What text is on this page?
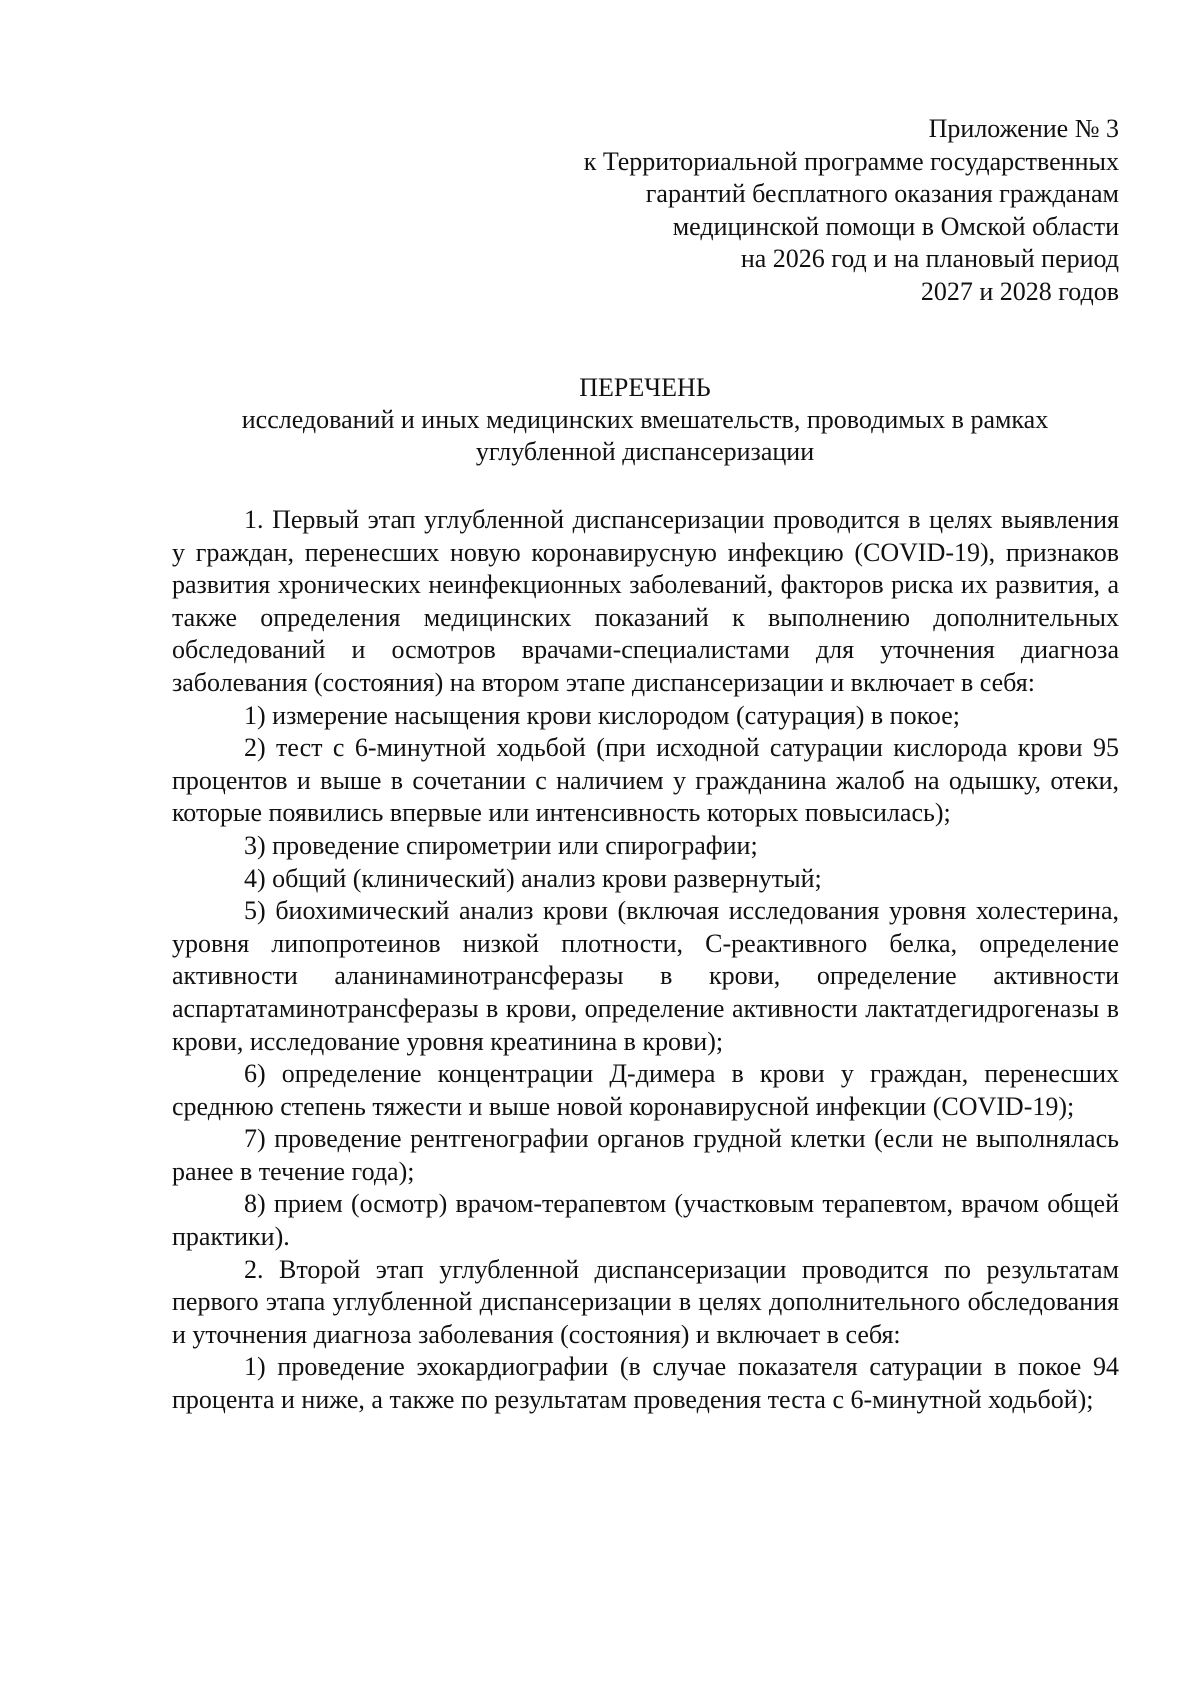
Приложение № 3
к Территориальной программе государственных
гарантий бесплатного оказания гражданам
медицинской помощи в Омской области
на 2026 год и на плановый период
2027 и 2028 годов
ПЕРЕЧЕНЬ
исследований и иных медицинских вмешательств, проводимых в рамках
углубленной диспансеризации

1. Первый этап углубленной диспансеризации проводится в целях выявления у граждан, перенесших новую коронавирусную инфекцию (COVID-19), признаков развития хронических неинфекционных заболеваний, факторов риска их развития, а также определения медицинских показаний к выполнению дополнительных обследований и осмотров врачами-специалистами для уточнения диагноза заболевания (состояния) на втором этапе диспансеризации и включает в себя:

1) измерение насыщения крови кислородом (сатурация) в покое;

2) тест с 6-минутной ходьбой (при исходной сатурации кислорода крови 95 процентов и выше в сочетании с наличием у гражданина жалоб на одышку, отеки, которые появились впервые или интенсивность которых повысилась);

3) проведение спирометрии или спирографии;

4) общий (клинический) анализ крови развернутый;

5) биохимический анализ крови (включая исследования уровня холестерина, уровня липопротеинов низкой плотности, С-реактивного белка, определение активности аланинаминотрансферазы в крови, определение активности аспартатаминотрансферазы в крови, определение активности лактатдегидрогеназы в крови, исследование уровня креатинина в крови);

6) определение концентрации Д-димера в крови у граждан, перенесших среднюю степень тяжести и выше новой коронавирусной инфекции (COVID-19);

7) проведение рентгенографии органов грудной клетки (если не выполнялась ранее в течение года);

8) прием (осмотр) врачом-терапевтом (участковым терапевтом, врачом общей практики).

2. Второй этап углубленной диспансеризации проводится по результатам первого этапа углубленной диспансеризации в целях дополнительного обследования и уточнения диагноза заболевания (состояния) и включает в себя:

1) проведение эхокардиографии (в случае показателя сатурации в покое 94 процента и ниже, а также по результатам проведения теста с 6-минутной ходьбой);
